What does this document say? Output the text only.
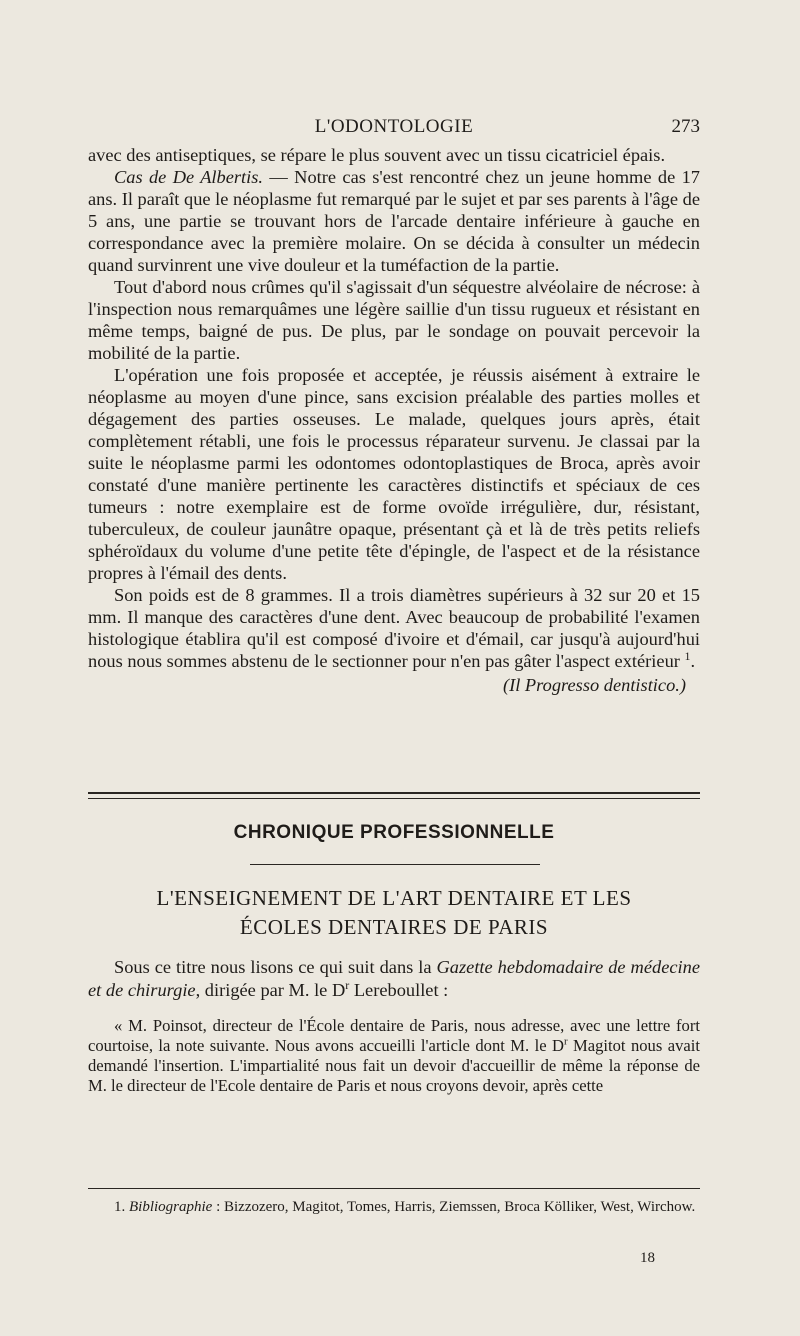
L'ODONTOLOGIE	273

avec des antiseptiques, se répare le plus souvent avec un tissu cicatriciel épais.

Cas de De Albertis. — Notre cas s'est rencontré chez un jeune homme de 17 ans. Il paraît que le néoplasme fut remarqué par le sujet et par ses parents à l'âge de 5 ans, une partie se trouvant hors de l'arcade dentaire inférieure à gauche en correspondance avec la première molaire. On se décida à consulter un médecin quand survinrent une vive douleur et la tuméfaction de la partie.

Tout d'abord nous crûmes qu'il s'agissait d'un séquestre alvéolaire de nécrose: à l'inspection nous remarquâmes une légère saillie d'un tissu rugueux et résistant en même temps, baigné de pus. De plus, par le sondage on pouvait percevoir la mobilité de la partie.

L'opération une fois proposée et acceptée, je réussis aisément à extraire le néoplasme au moyen d'une pince, sans excision préalable des parties molles et dégagement des parties osseuses. Le malade, quelques jours après, était complètement rétabli, une fois le processus réparateur survenu. Je classai par la suite le néoplasme parmi les odontomes odontoplastiques de Broca, après avoir constaté d'une manière pertinente les caractères distinctifs et spéciaux de ces tumeurs : notre exemplaire est de forme ovoïde irrégulière, dur, résistant, tuberculeux, de couleur jaunâtre opaque, présentant çà et là de très petits reliefs sphéroïdaux du volume d'une petite tête d'épingle, de l'aspect et de la résistance propres à l'émail des dents.

Son poids est de 8 grammes. Il a trois diamètres supérieurs à 32 sur 20 et 15 mm. Il manque des caractères d'une dent. Avec beaucoup de probabilité l'examen histologique établira qu'il est composé d'ivoire et d'émail, car jusqu'à aujourd'hui nous nous sommes abstenu de le sectionner pour n'en pas gâter l'aspect extérieur $^1$.

(Il Progresso dentistico.)

CHRONIQUE PROFESSIONNELLE
L'ENSEIGNEMENT DE L'ART DENTAIRE ET LES
ÉCOLES DENTAIRES DE PARIS

Sous ce titre nous lisons ce qui suit dans la Gazette hebdomadaire de médecine et de chirurgie, dirigée par M. le $D^r$ Lereboullet :

« M. Poinsot, directeur de l'École dentaire de Paris, nous adresse, avec une lettre fort courtoise, la note suivante. Nous avons accueilli l'article dont M. le $D^r$ Magitot nous avait demandé l'insertion. L'impartialité nous fait un devoir d'accueillir de même la réponse de M. le directeur de l'Ecole dentaire de Paris et nous croyons devoir, après cette

1. Bibliographie : Bizzozero, Magitot, Tomes, Harris, Ziemssen, Broca Kölliker, West, Wirchow.

18
